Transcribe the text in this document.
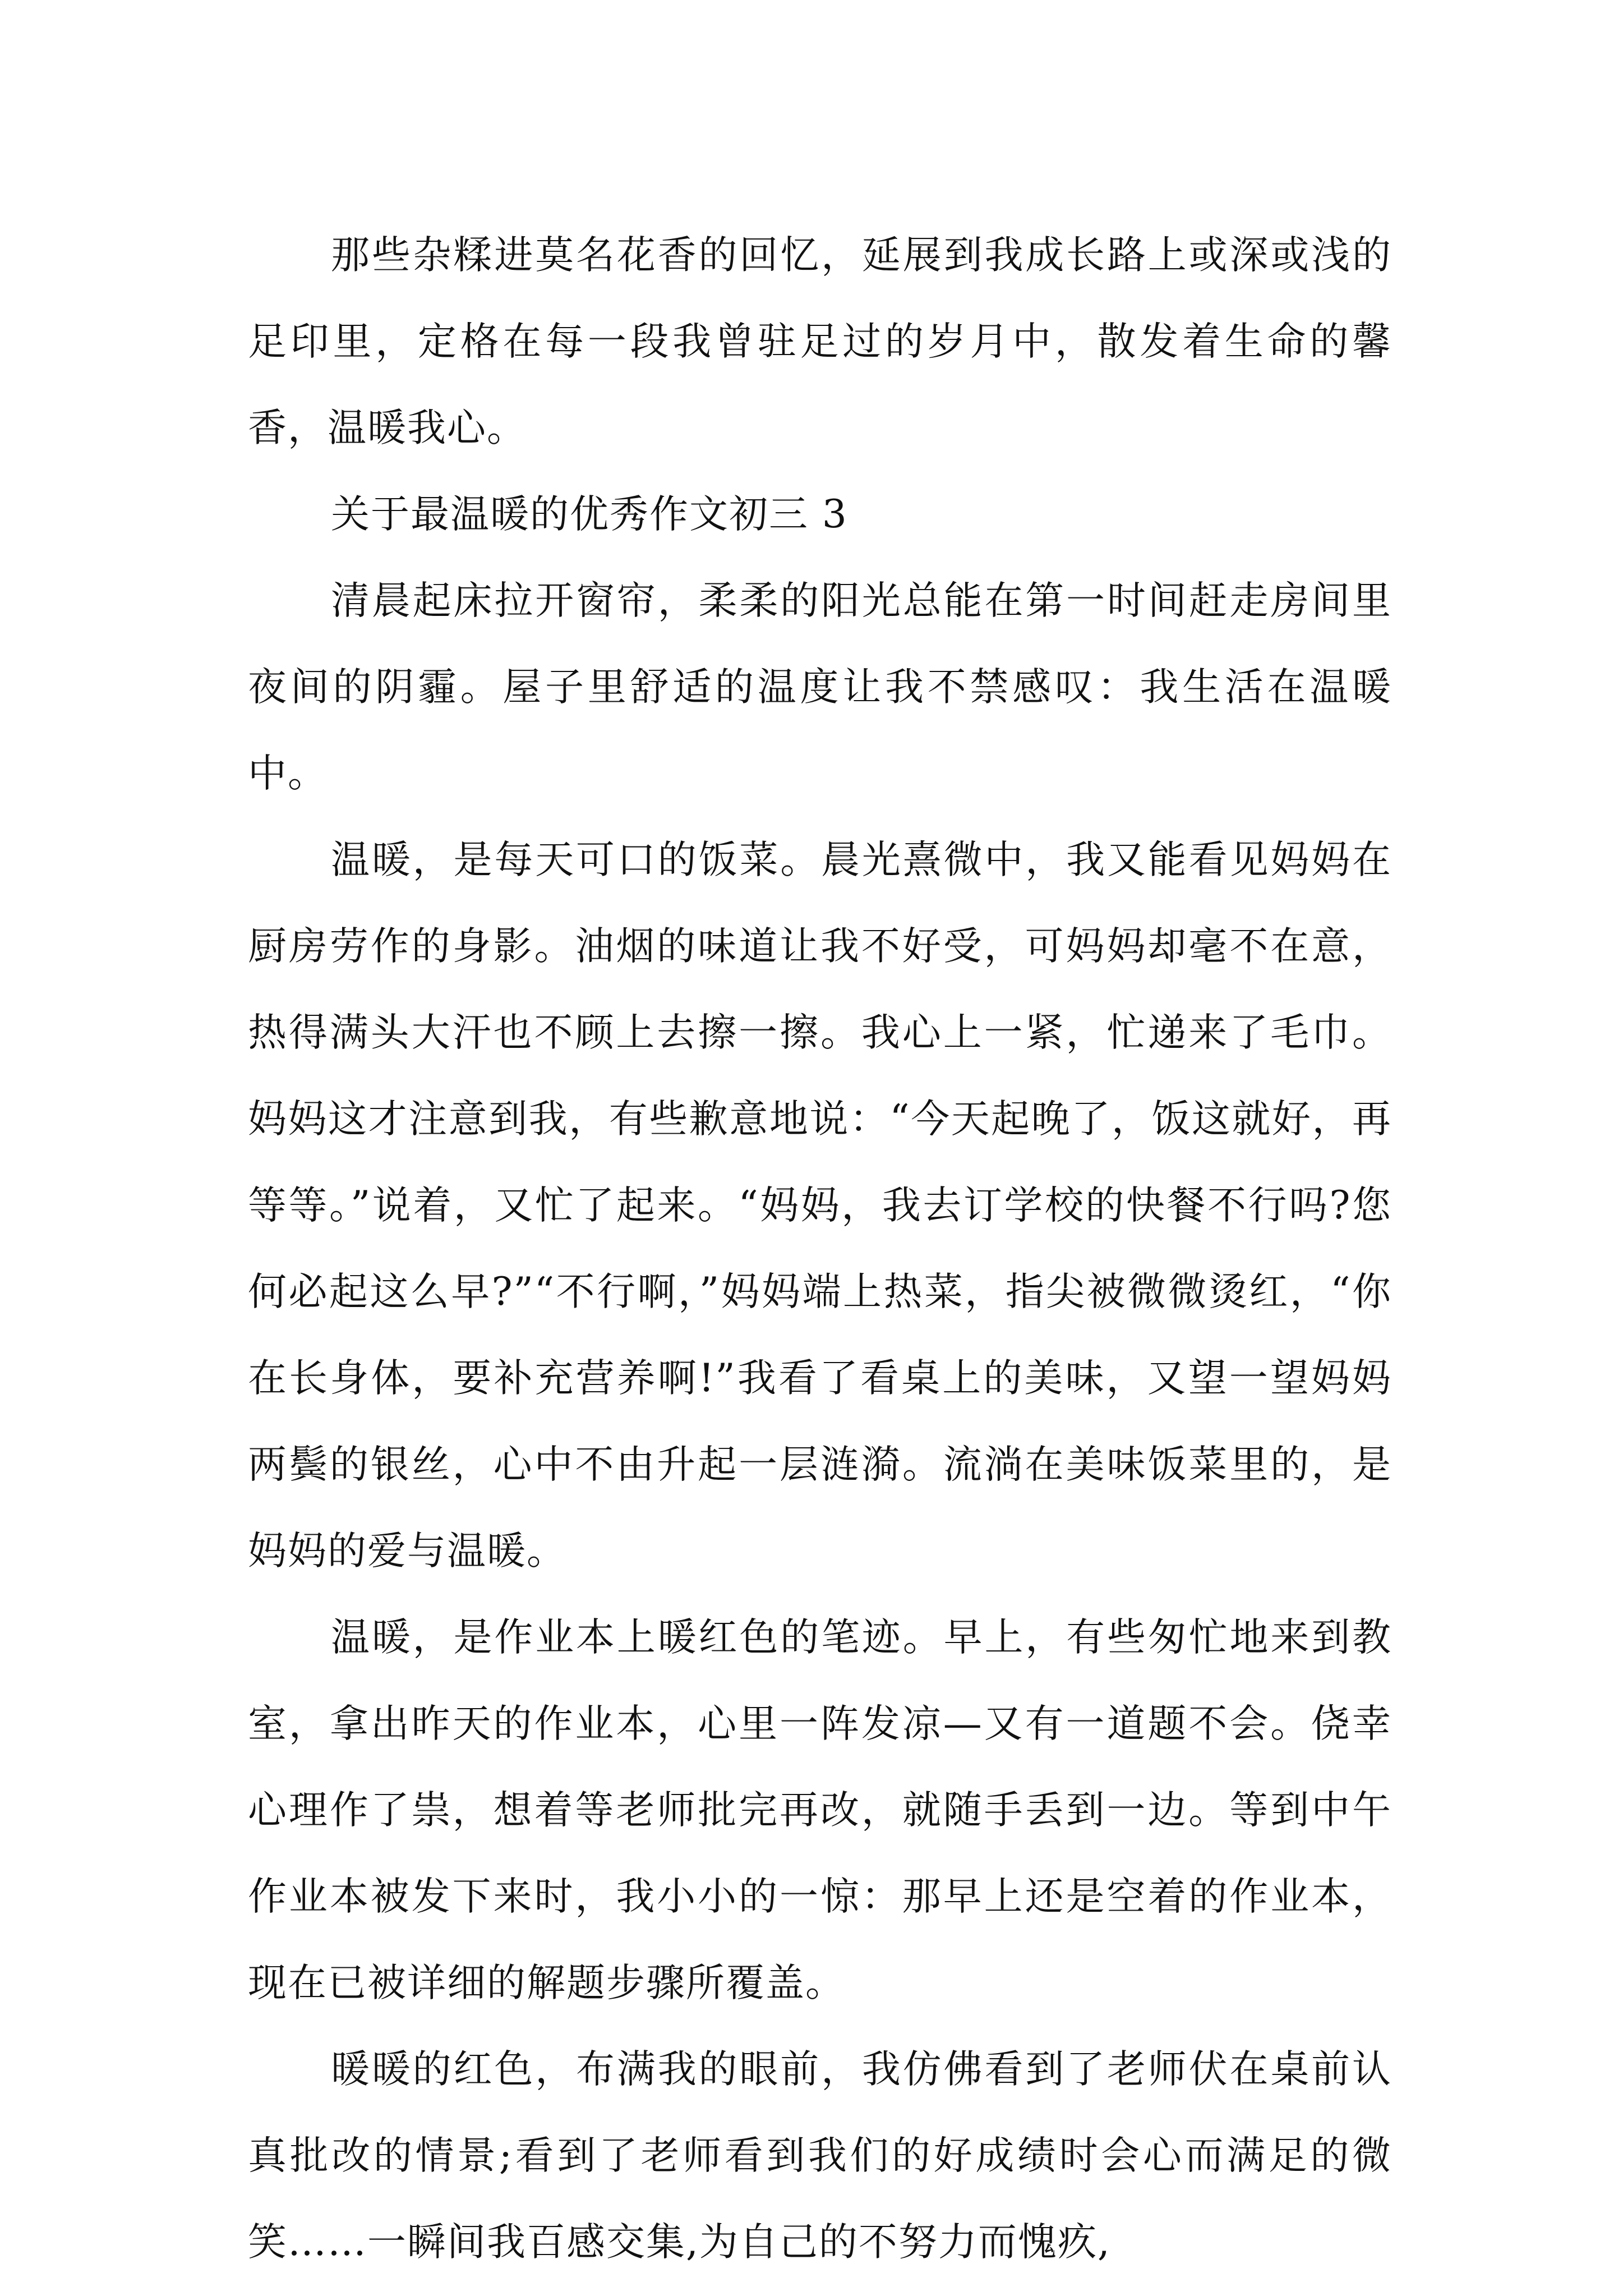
那些杂糅进莫名花香的回忆，延展到我成长路上或深或浅的足印里，定格在每一段我曾驻足过的岁月中，散发着生命的馨香，温暖我心。

关于最温暖的优秀作文初三 3

清晨起床拉开窗帘，柔柔的阳光总能在第一时间赶走房间里夜间的阴霾。屋子里舒适的温度让我不禁感叹：我生活在温暖中。

温暖，是每天可口的饭菜。晨光熹微中，我又能看见妈妈在厨房劳作的身影。油烟的味道让我不好受，可妈妈却毫不在意，热得满头大汗也不顾上去擦一擦。我心上一紧，忙递来了毛巾。妈妈这才注意到我，有些歉意地说：“今天起晚了，饭这就好，再等等。”说着，又忙了起来。“妈妈，我去订学校的快餐不行吗?您何必起这么早?”“不行啊，”妈妈端上热菜，指尖被微微烫红，“你在长身体，要补充营养啊!”我看了看桌上的美味，又望一望妈妈两鬓的银丝，心中不由升起一层涟漪。流淌在美味饭菜里的，是妈妈的爱与温暖。

温暖，是作业本上暖红色的笔迹。早上，有些匆忙地来到教室，拿出昨天的作业本，心里一阵发凉—又有一道题不会。侥幸心理作了祟，想着等老师批完再改，就随手丢到一边。等到中午作业本被发下来时，我小小的一惊：那早上还是空着的作业本，现在已被详细的解题步骤所覆盖。

暖暖的红色，布满我的眼前，我仿佛看到了老师伏在桌前认真批改的情景;看到了老师看到我们的好成绩时会心而满足的微笑……一瞬间我百感交集,为自己的不努力而愧疚,
